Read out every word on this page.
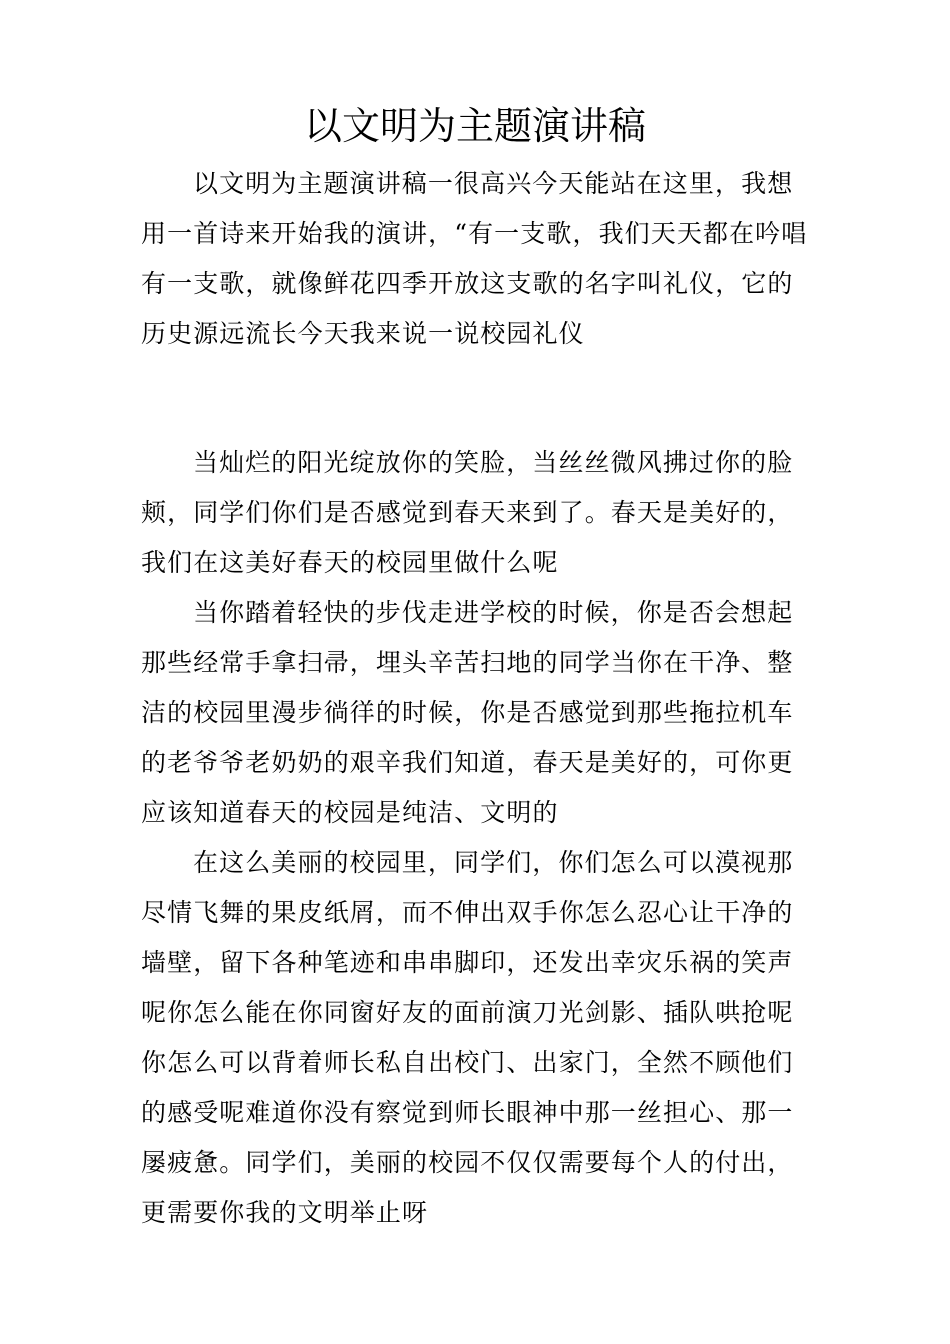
以文明为主题演讲稿

以文明为主题演讲稿一很高兴今天能站在这里，我想用一首诗来开始我的演讲，“有一支歌，我们天天都在吟唱有一支歌，就像鲜花四季开放这支歌的名字叫礼仪，它的历史源远流长今天我来说一说校园礼仪

当灿烂的阳光绽放你的笑脸，当丝丝微风拂过你的脸颊，同学们你们是否感觉到春天来到了。春天是美好的，我们在这美好春天的校园里做什么呢

当你踏着轻快的步伐走进学校的时候，你是否会想起那些经常手拿扫帚，埋头辛苦扫地的同学当你在干净、整洁的校园里漫步徜徉的时候，你是否感觉到那些拖拉机车的老爷爷老奶奶的艰辛我们知道，春天是美好的，可你更应该知道春天的校园是纯洁、文明的

在这么美丽的校园里，同学们，你们怎么可以漠视那尽情飞舞的果皮纸屑，而不伸出双手你怎么忍心让干净的墙壁，留下各种笔迹和串串脚印，还发出幸灾乐祸的笑声呢你怎么能在你同窗好友的面前演刀光剑影、插队哄抢呢你怎么可以背着师长私自出校门、出家门，全然不顾他们的感受呢难道你没有察觉到师长眼神中那一丝担心、那一屡疲惫。同学们，美丽的校园不仅仅需要每个人的付出，更需要你我的文明举止呀
